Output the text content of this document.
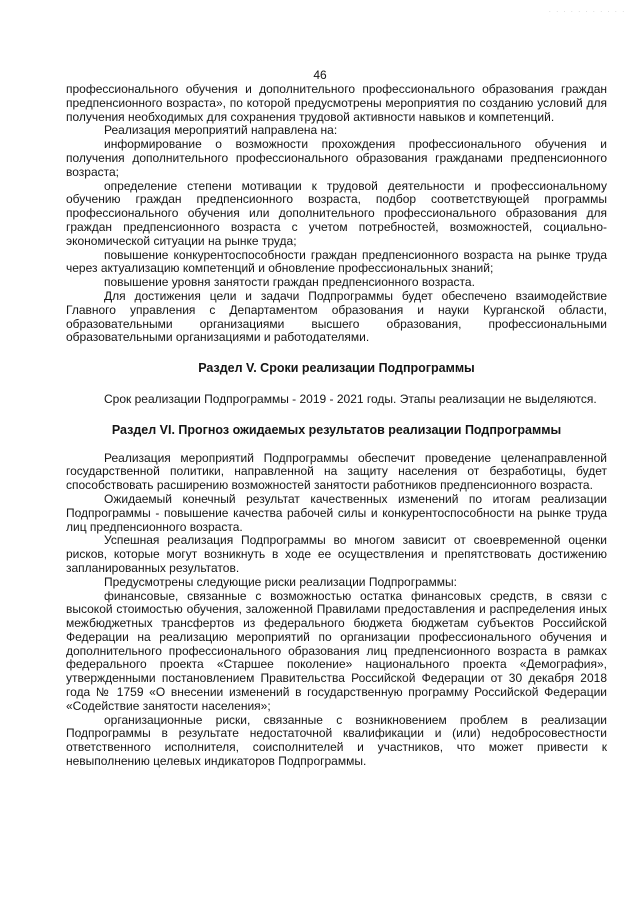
. . . . . . . . . . .
46

профессионального обучения и дополнительного профессионального образования граждан предпенсионного возраста», по которой предусмотрены мероприятия по созданию условий для получения необходимых для сохранения трудовой активности навыков и компетенций.

Реализация мероприятий направлена на:

информирование о возможности прохождения профессионального обучения и получения дополнительного профессионального образования гражданами предпенсионного возраста;

определение степени мотивации к трудовой деятельности и профессиональному обучению граждан предпенсионного возраста, подбор соответствующей программы профессионального обучения или дополнительного профессионального образования для граждан предпенсионного возраста с учетом потребностей, возможностей, социально-экономической ситуации на рынке труда;

повышение конкурентоспособности граждан предпенсионного возраста на рынке труда через актуализацию компетенций и обновление профессиональных знаний;

повышение уровня занятости граждан предпенсионного возраста.

Для достижения цели и задачи Подпрограммы будет обеспечено взаимодействие Главного управления с Департаментом образования и науки Курганской области, образовательными организациями высшего образования, профессиональными образовательными организациями и работодателями.

Раздел V. Сроки реализации Подпрограммы

Срок реализации Подпрограммы - 2019 - 2021 годы. Этапы реализации не выделяются.

Раздел VI. Прогноз ожидаемых результатов реализации Подпрограммы

Реализация мероприятий Подпрограммы обеспечит проведение целенаправленной государственной политики, направленной на защиту населения от безработицы, будет способствовать расширению возможностей занятости работников предпенсионного возраста.

Ожидаемый конечный результат качественных изменений по итогам реализации Подпрограммы - повышение качества рабочей силы и конкурентоспособности на рынке труда лиц предпенсионного возраста.

Успешная реализация Подпрограммы во многом зависит от своевременной оценки рисков, которые могут возникнуть в ходе ее осуществления и препятствовать достижению запланированных результатов.

Предусмотрены следующие риски реализации Подпрограммы:

финансовые, связанные с возможностью остатка финансовых средств, в связи с высокой стоимостью обучения, заложенной Правилами предоставления и распределения иных межбюджетных трансфертов из федерального бюджета бюджетам субъектов Российской Федерации на реализацию мероприятий по организации профессионального обучения и дополнительного профессионального образования лиц предпенсионного возраста в рамках федерального проекта «Старшее поколение» национального проекта «Демография», утвержденными постановлением Правительства Российской Федерации от 30 декабря 2018 года № 1759 «О внесении изменений в государственную программу Российской Федерации «Содействие занятости населения»;

организационные риски, связанные с возникновением проблем в реализации Подпрограммы в результате недостаточной квалификации и (или) недобросовестности ответственного исполнителя, соисполнителей и участников, что может привести к невыполнению целевых индикаторов Подпрограммы.
